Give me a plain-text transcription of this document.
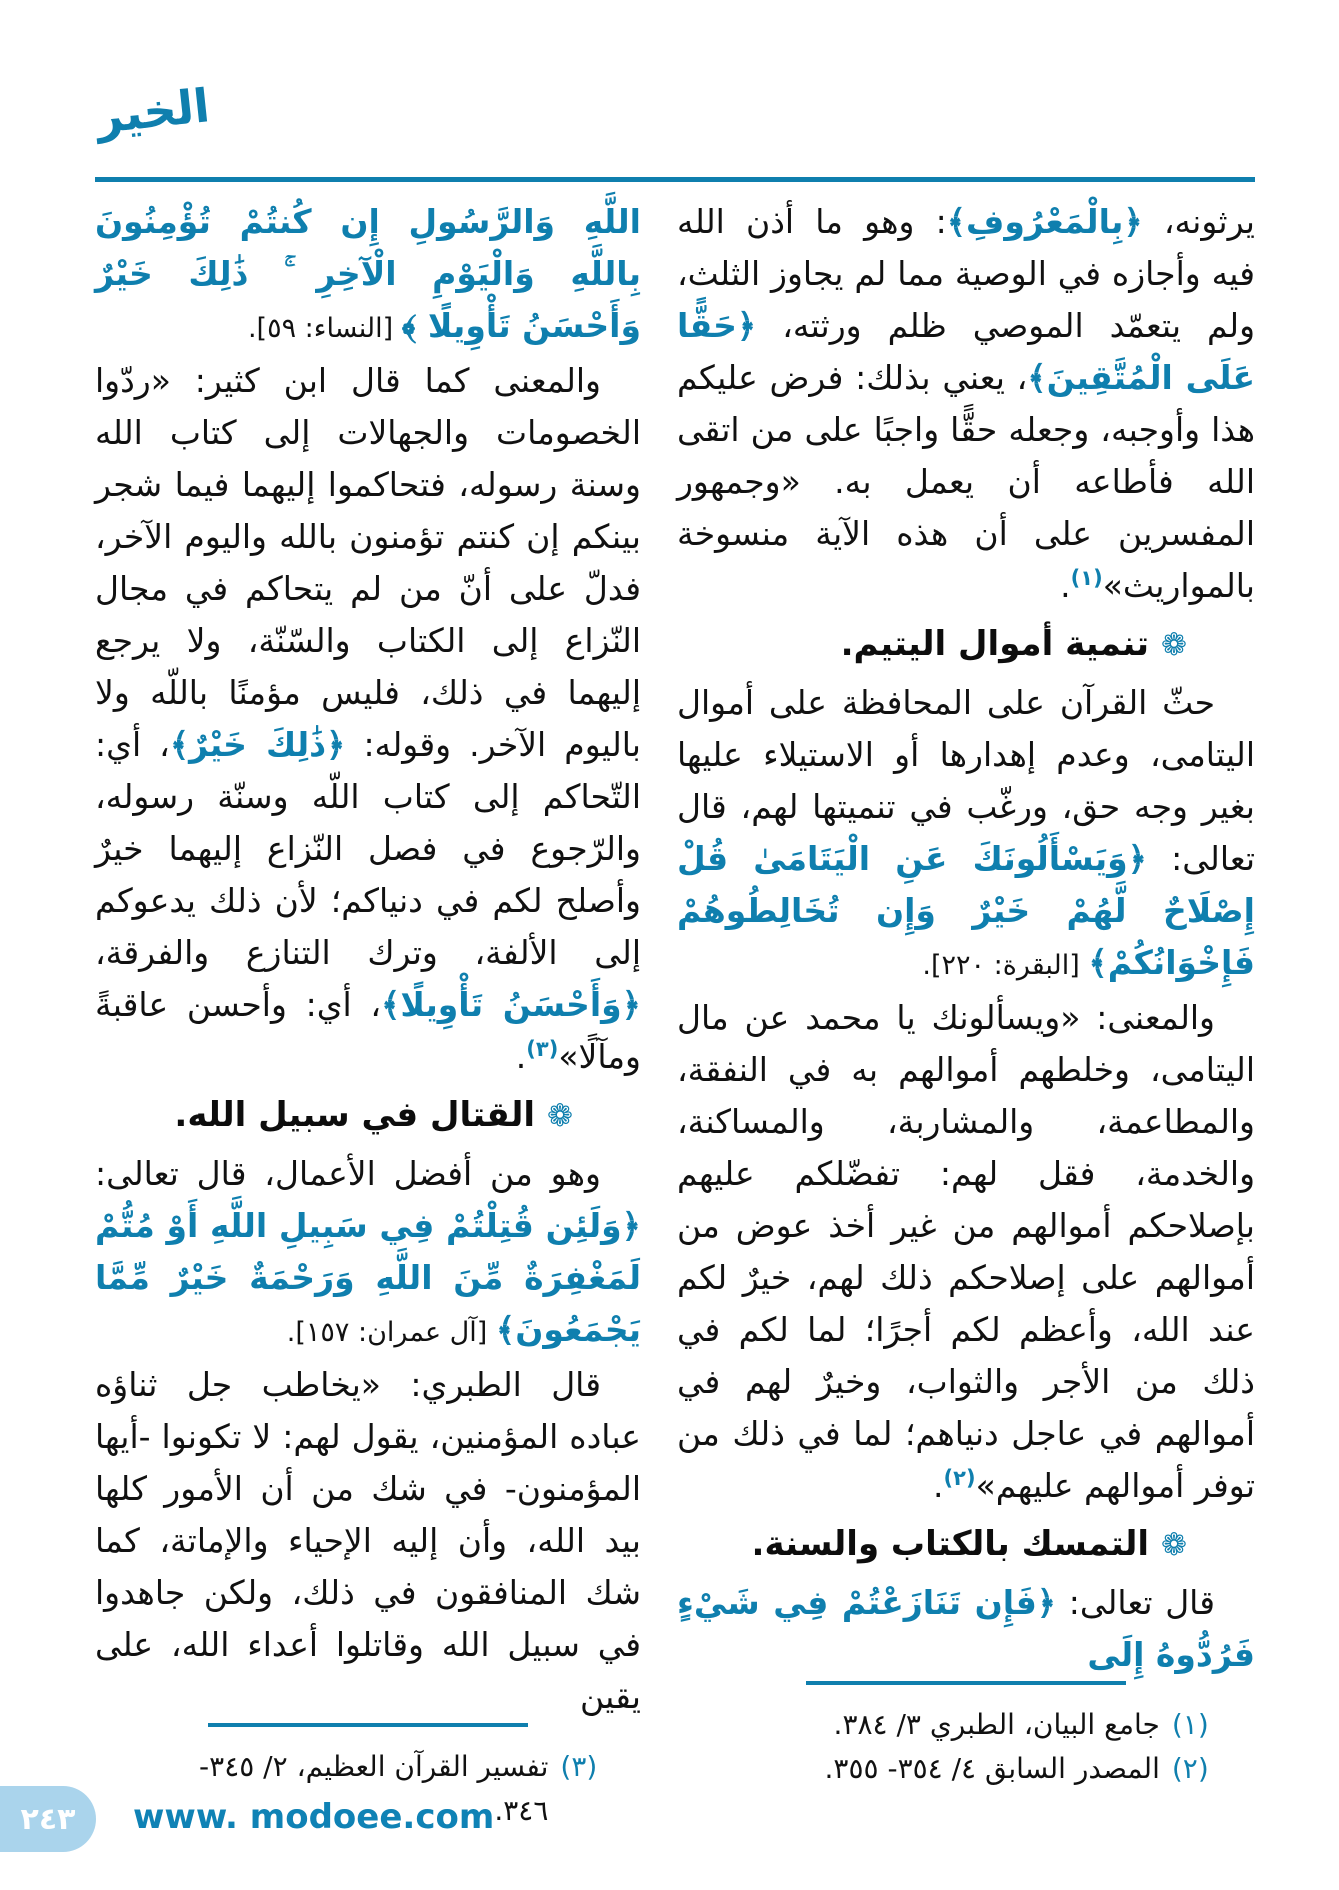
الخير

يرثونه، ﴿بِالْمَعْرُوفِ﴾: وهو ما أذن الله فيه وأجازه في الوصية مما لم يجاوز الثلث، ولم يتعمّد الموصي ظلم ورثته، ﴿حَقًّا عَلَى الْمُتَّقِينَ﴾، يعني بذلك: فرض عليكم هذا وأوجبه، وجعله حقًّا واجبًا على من اتقى الله فأطاعه أن يعمل به. «وجمهور المفسرين على أن هذه الآية منسوخة بالمواريث»$^{(١)}$.

❁تنمية أموال اليتيم.

حثّ القرآن على المحافظة على أموال اليتامى، وعدم إهدارها أو الاستيلاء عليها بغير وجه حق، ورغّب في تنميتها لهم، قال تعالى: ﴿وَيَسْأَلُونَكَ عَنِ الْيَتَامَىٰ قُلْ إِصْلَاحٌ لَّهُمْ خَيْرٌ وَإِن تُخَالِطُوهُمْ فَإِخْوَانُكُمْ﴾ [البقرة: ٢٢٠].

والمعنى: «ويسألونك يا محمد عن مال اليتامى، وخلطهم أموالهم به في النفقة، والمطاعمة، والمشاربة، والمساكنة، والخدمة، فقل لهم: تفضّلكم عليهم بإصلاحكم أموالهم من غير أخذ عوض من أموالهم على إصلاحكم ذلك لهم، خيرٌ لكم عند الله، وأعظم لكم أجرًا؛ لما لكم في ذلك من الأجر والثواب، وخيرٌ لهم في أموالهم في عاجل دنياهم؛ لما في ذلك من توفر أموالهم عليهم»$^{(٢)}$.

❁التمسك بالكتاب والسنة.

قال تعالى: ﴿فَإِن تَنَازَعْتُمْ فِي شَيْءٍ فَرُدُّوهُ إِلَى

(١)
جامع البيان، الطبري ٣/ ٣٨٤.
(٢)
المصدر السابق ٤/ ٣٥٤- ٣٥٥.

اللَّهِ وَالرَّسُولِ إِن كُنتُمْ تُؤْمِنُونَ بِاللَّهِ وَالْيَوْمِ الْآخِرِ ۚ ذَٰلِكَ خَيْرٌ وَأَحْسَنُ تَأْوِيلًا ﴾ [النساء: ٥٩].

والمعنى كما قال ابن كثير: «ردّوا الخصومات والجهالات إلى كتاب الله وسنة رسوله، فتحاكموا إليهما فيما شجر بينكم إن كنتم تؤمنون بالله واليوم الآخر، فدلّ على أنّ من لم يتحاكم في مجال النّزاع إلى الكتاب والسّنّة، ولا يرجع إليهما في ذلك، فليس مؤمنًا باللّه ولا باليوم الآخر. وقوله: ﴿ذَٰلِكَ خَيْرٌ﴾، أي: التّحاكم إلى كتاب اللّه وسنّة رسوله، والرّجوع في فصل النّزاع إليهما خيرٌ وأصلح لكم في دنياكم؛ لأن ذلك يدعوكم إلى الألفة، وترك التنازع والفرقة، ﴿وَأَحْسَنُ تَأْوِيلًا﴾، أي: وأحسن عاقبةً ومآلًا»$^{(٣)}$.

❁القتال في سبيل الله.

وهو من أفضل الأعمال، قال تعالى: ﴿وَلَئِن قُتِلْتُمْ فِي سَبِيلِ اللَّهِ أَوْ مُتُّمْ لَمَغْفِرَةٌ مِّنَ اللَّهِ وَرَحْمَةٌ خَيْرٌ مِّمَّا يَجْمَعُونَ﴾ [آل عمران: ١٥٧].

قال الطبري: «يخاطب جل ثناؤه عباده المؤمنين، يقول لهم: لا تكونوا -أيها المؤمنون- في شك من أن الأمور كلها بيد الله، وأن إليه الإحياء والإماتة، كما شك المنافقون في ذلك، ولكن جاهدوا في سبيل الله وقاتلوا أعداء الله، على يقين

(٣)
تفسير القرآن العظيم، ٢/ ٣٤٥- ٣٤٦.
٢٤٣ www. modoee.com
